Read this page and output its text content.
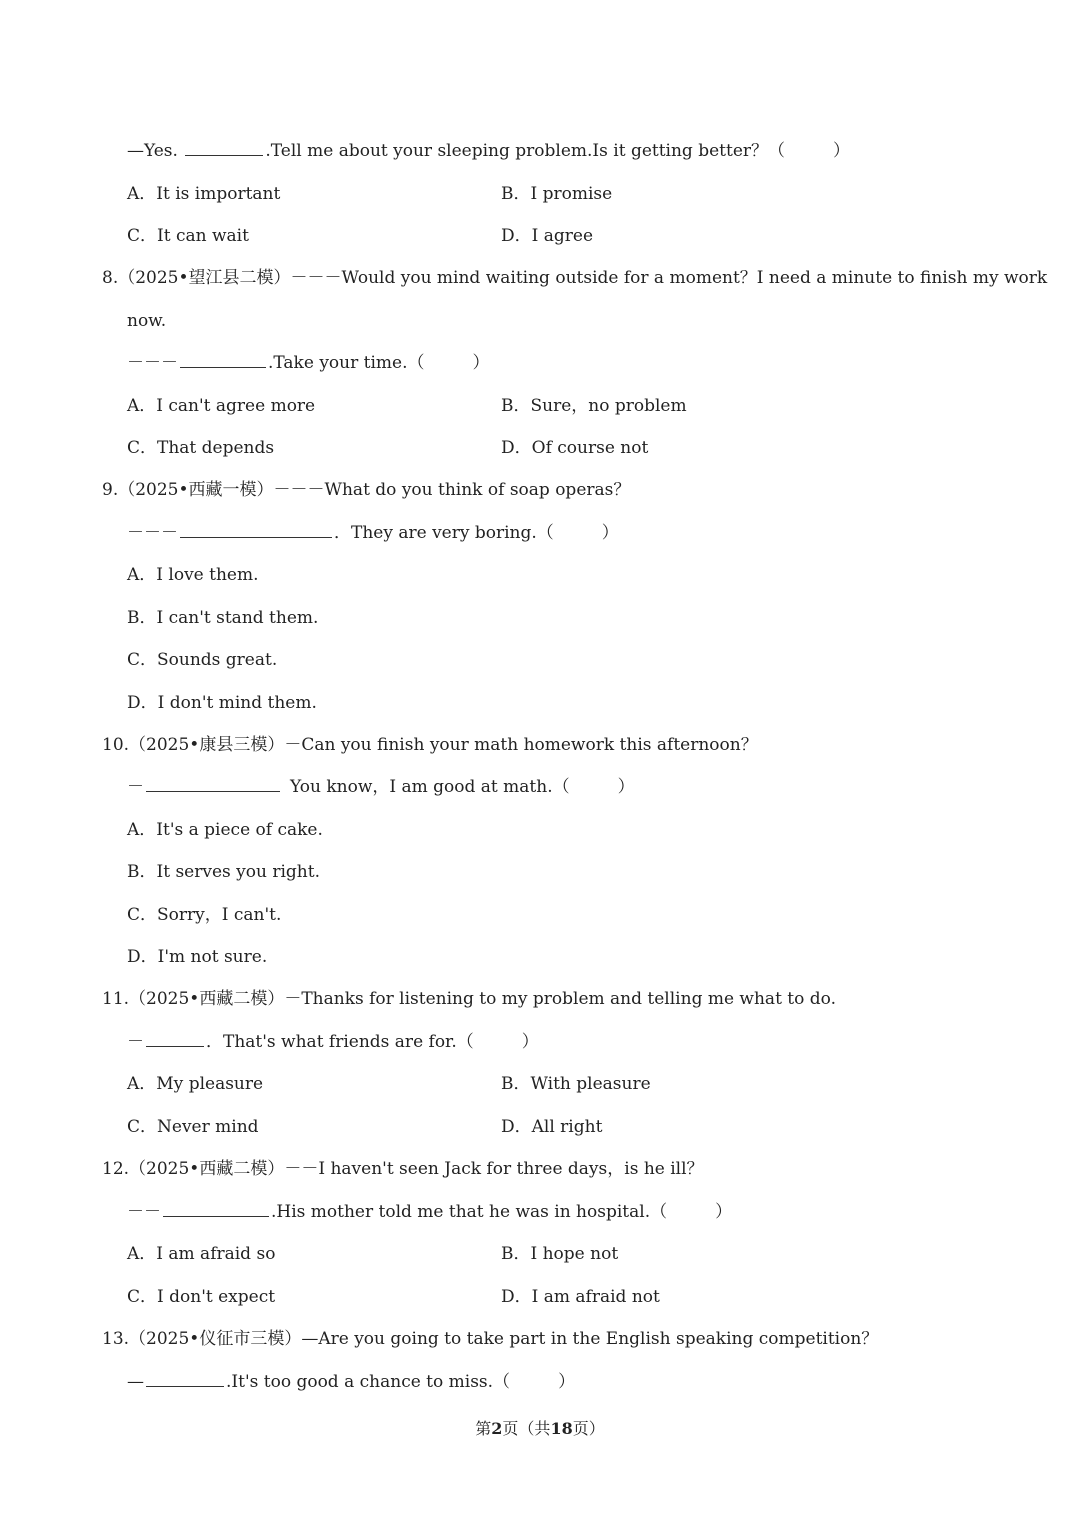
—Yes.	.Tell me about your sleeping problem.Is it getting better？（	）
A．It is important	B．I promise
C．It can wait	D．I agree
8.（2025•望江县二模）－－－Would you mind waiting outside for a moment？I need a minute to finish my work
now.
－－－	.Take your time.（	）
A．I can't agree more	B．Sure，no problem
C．That depends	D．Of course not
9.（2025•西藏一模）－－－What do you think of soap operas？
－－－	．They are very boring.（	）
A．I love them.
B．I can't stand them.
C．Sounds great.
D．I don't mind them.
10.（2025•康县三模）－Can you finish your math homework this afternoon？
－	You know，I am good at math.（	）
A．It's a piece of cake.
B．It serves you right.
C．Sorry，I can't.
D．I'm not sure.
11.（2025•西藏二模）－Thanks for listening to my problem and telling me what to do.
－	．That's what friends are for.（	）
A．My pleasure	B．With pleasure
C．Never mind	D．All right
12.（2025•西藏二模）－－I haven't seen Jack for three days，is he ill？
－－	.His mother told me that he was in hospital.（	）
A．I am afraid so	B．I hope not
C．I don't expect	D．I am afraid not
13.（2025•仪征市三模）—Are you going to take part in the English speaking competition？
—	.It's too good a chance to miss.（	）
第2页（共18页）
